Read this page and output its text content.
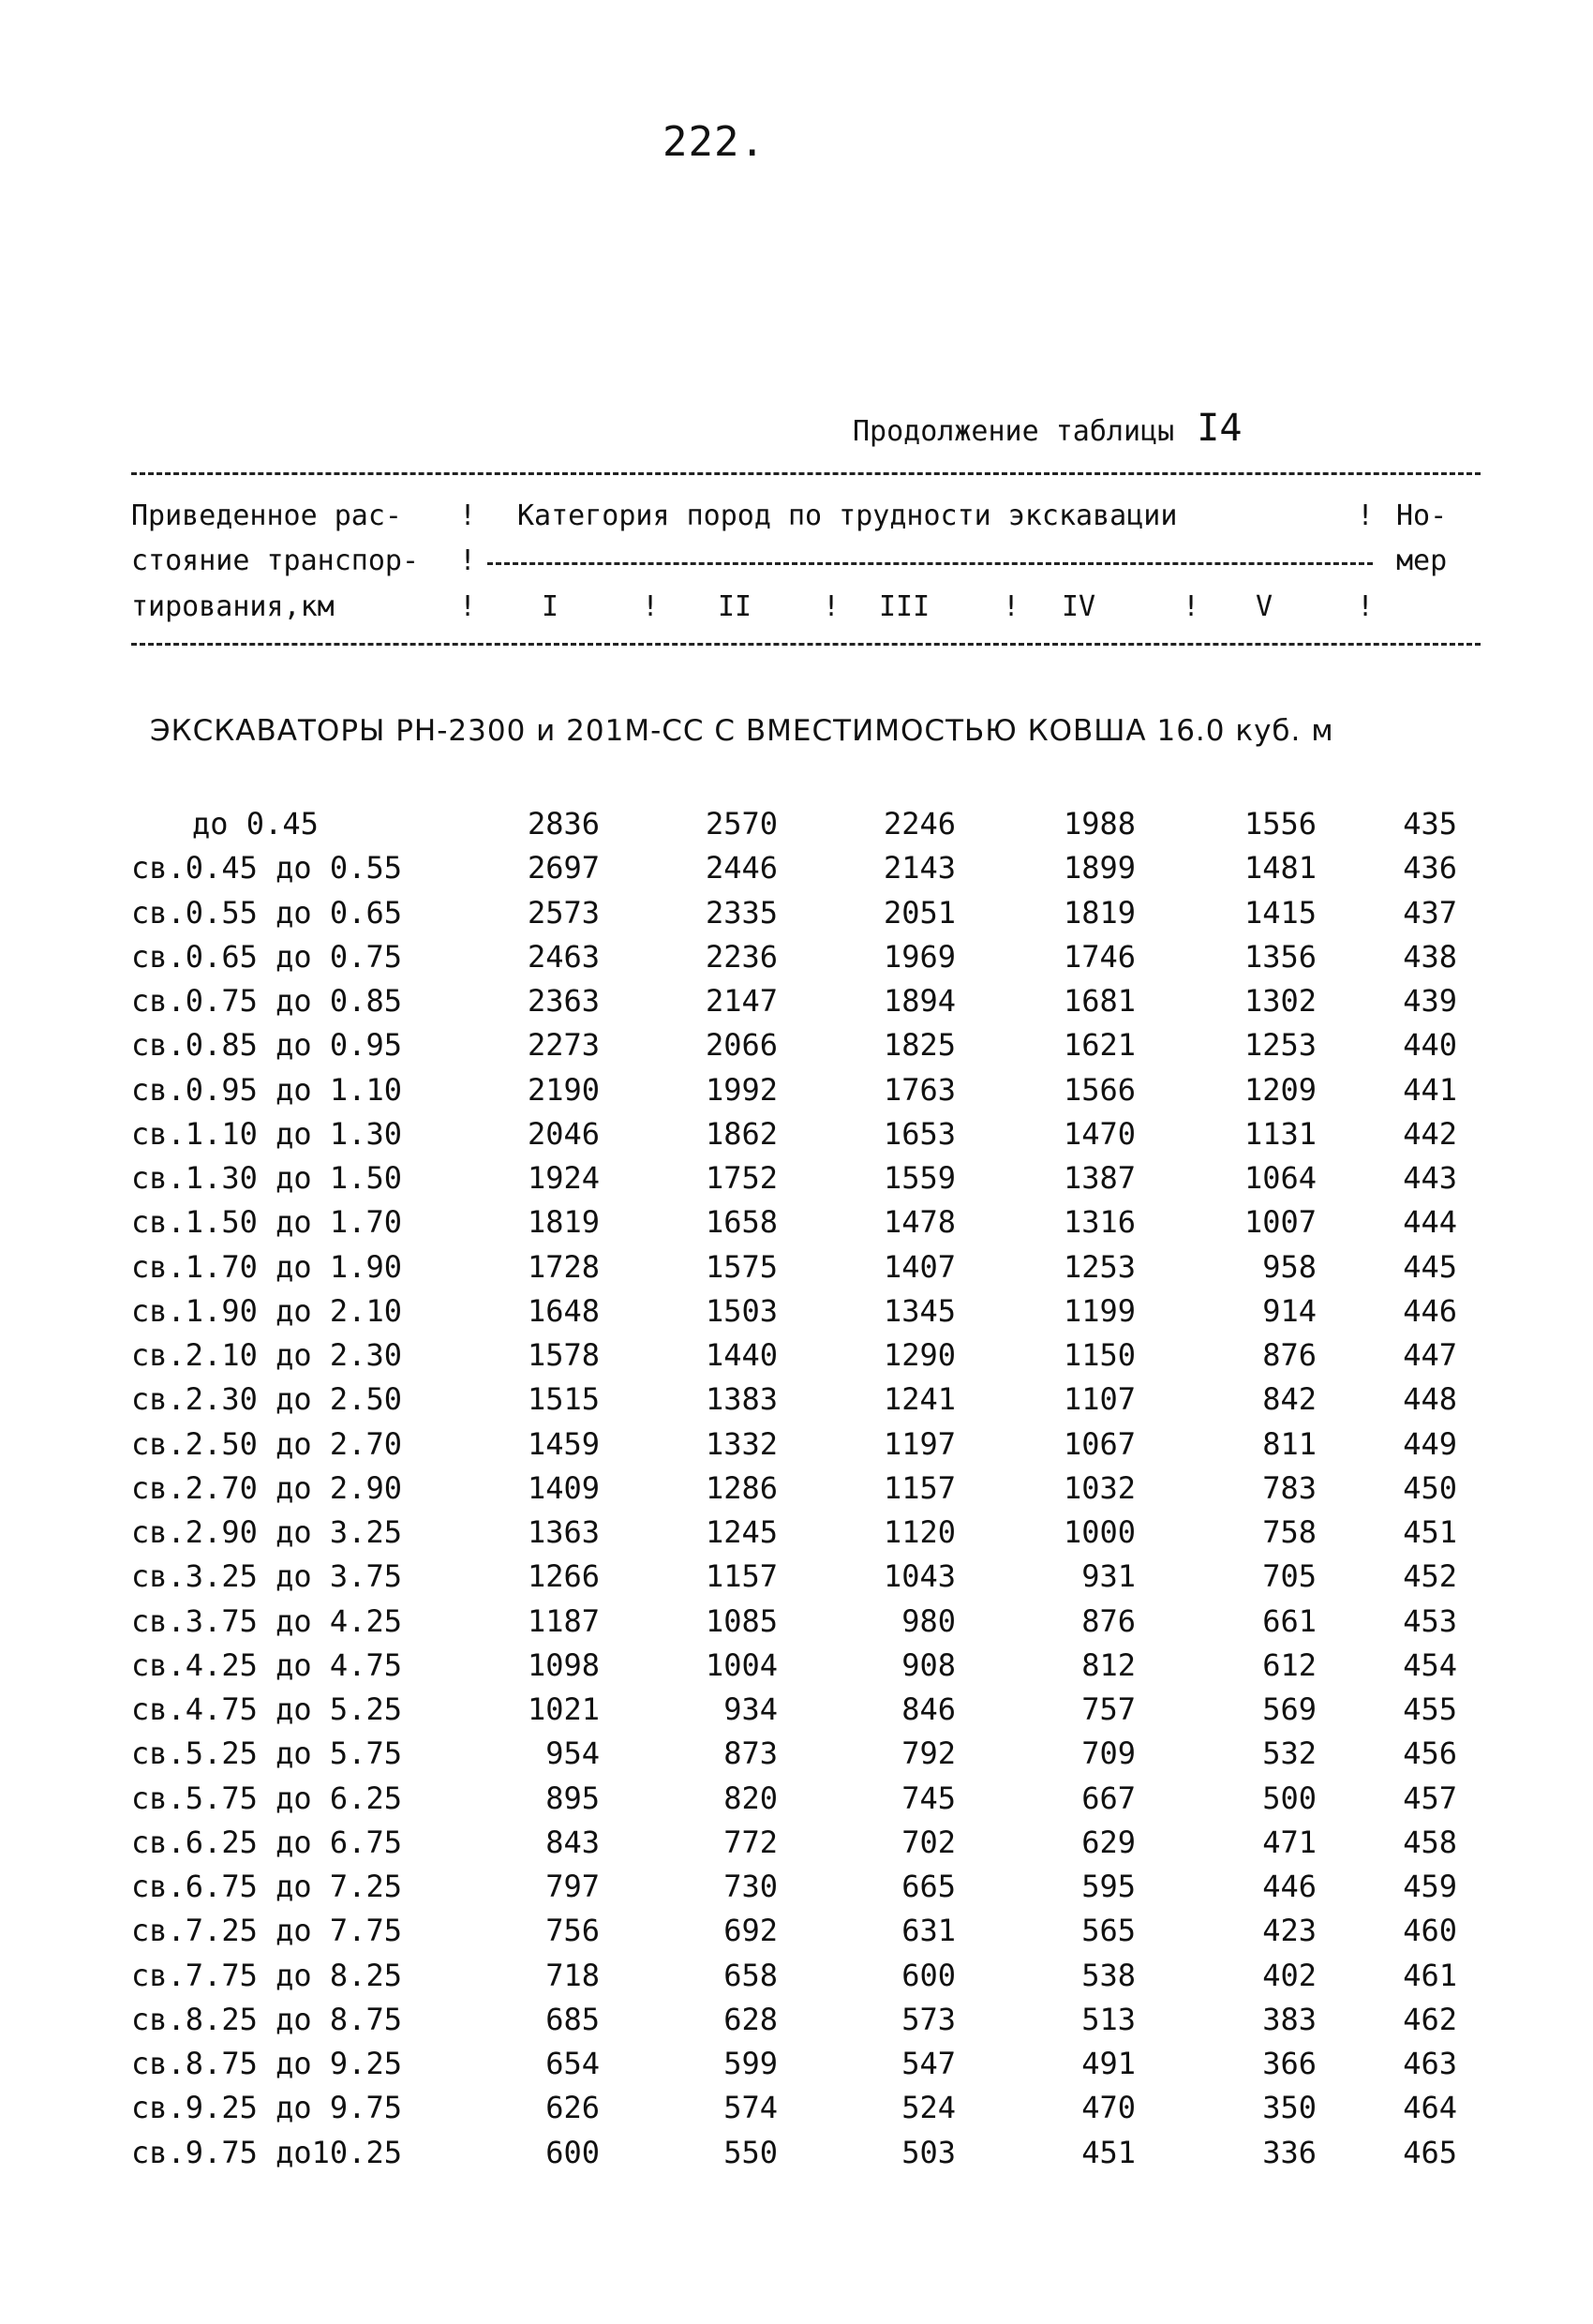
222.
Продолжение таблицы I4
Приведенное рас-
стояние транспор-
тирования,км
!
!
!
!
!
Категория пород по трудности экскавации
I	! II	! III	! IV	! V
Но-
мер
ЭКСКАВАТОРЫ РН-2300 и 201М-СС С ВМЕСТИМОСТЬЮ КОВША 16.0 куб. м
до 0.45	2836	2570	2246	1988	1556	435
св.0.45 до 0.55	2697	2446	2143	1899	1481	436
св.0.55 до 0.65	2573	2335	2051	1819	1415	437
св.0.65 до 0.75	2463	2236	1969	1746	1356	438
св.0.75 до 0.85	2363	2147	1894	1681	1302	439
св.0.85 до 0.95	2273	2066	1825	1621	1253	440
св.0.95 до 1.10	2190	1992	1763	1566	1209	441
св.1.10 до 1.30	2046	1862	1653	1470	1131	442
св.1.30 до 1.50	1924	1752	1559	1387	1064	443
св.1.50 до 1.70	1819	1658	1478	1316	1007	444
св.1.70 до 1.90	1728	1575	1407	1253	958	445
св.1.90 до 2.10	1648	1503	1345	1199	914	446
св.2.10 до 2.30	1578	1440	1290	1150	876	447
св.2.30 до 2.50	1515	1383	1241	1107	842	448
св.2.50 до 2.70	1459	1332	1197	1067	811	449
св.2.70 до 2.90	1409	1286	1157	1032	783	450
св.2.90 до 3.25	1363	1245	1120	1000	758	451
св.3.25 до 3.75	1266	1157	1043	931	705	452
св.3.75 до 4.25	1187	1085	980	876	661	453
св.4.25 до 4.75	1098	1004	908	812	612	454
св.4.75 до 5.25	1021	934	846	757	569	455
св.5.25 до 5.75	954	873	792	709	532	456
св.5.75 до 6.25	895	820	745	667	500	457
св.6.25 до 6.75	843	772	702	629	471	458
св.6.75 до 7.25	797	730	665	595	446	459
св.7.25 до 7.75	756	692	631	565	423	460
св.7.75 до 8.25	718	658	600	538	402	461
св.8.25 до 8.75	685	628	573	513	383	462
св.8.75 до 9.25	654	599	547	491	366	463
св.9.25 до 9.75	626	574	524	470	350	464
св.9.75 до10.25	600	550	503	451	336	465
